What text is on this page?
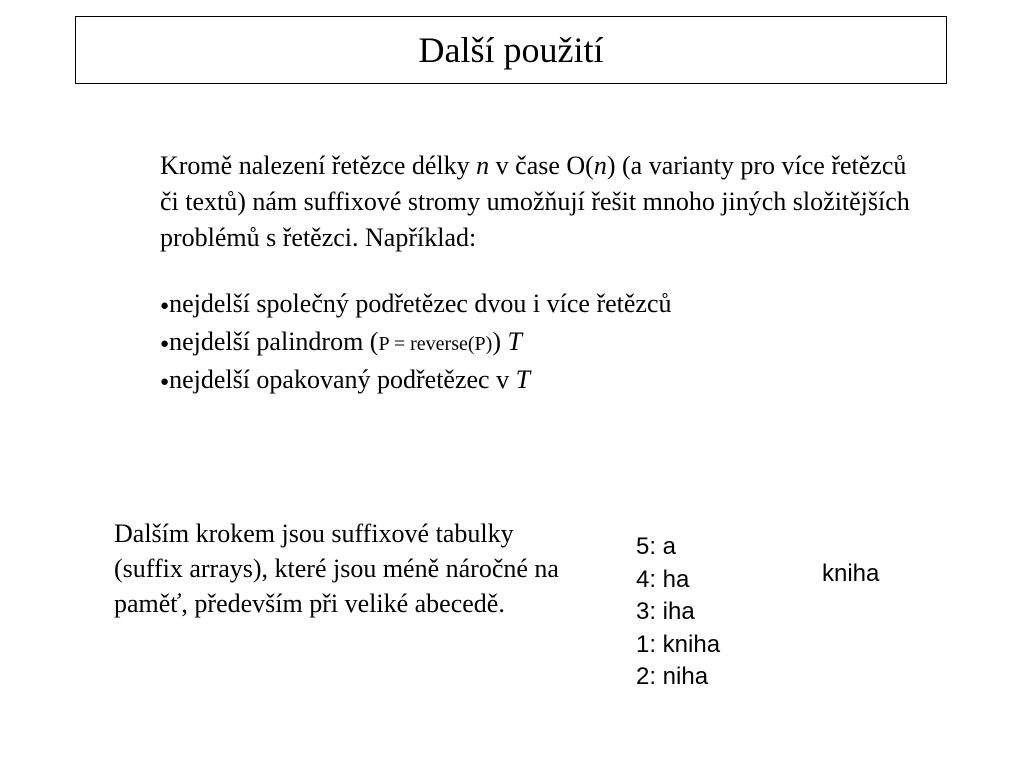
Další použití

Kromě nalezení řetězce délky n v čase O(n) (a varianty pro více řetězců či textů) nám suffixové stromy umožňují řešit mnoho jiných složitějších problémů s řetězci. Například:

●nejdelší společný podřetězec dvou i více řetězců
●nejdelší palindrom (P = reverse(P)) T
●nejdelší opakovaný podřetězec v T

Dalším krokem jsou suffixové tabulky (suffix arrays), které jsou méně náročné na paměť, především při veliké abecedě.

5: a
4: ha
3: iha
1: kniha
2: niha
kniha
